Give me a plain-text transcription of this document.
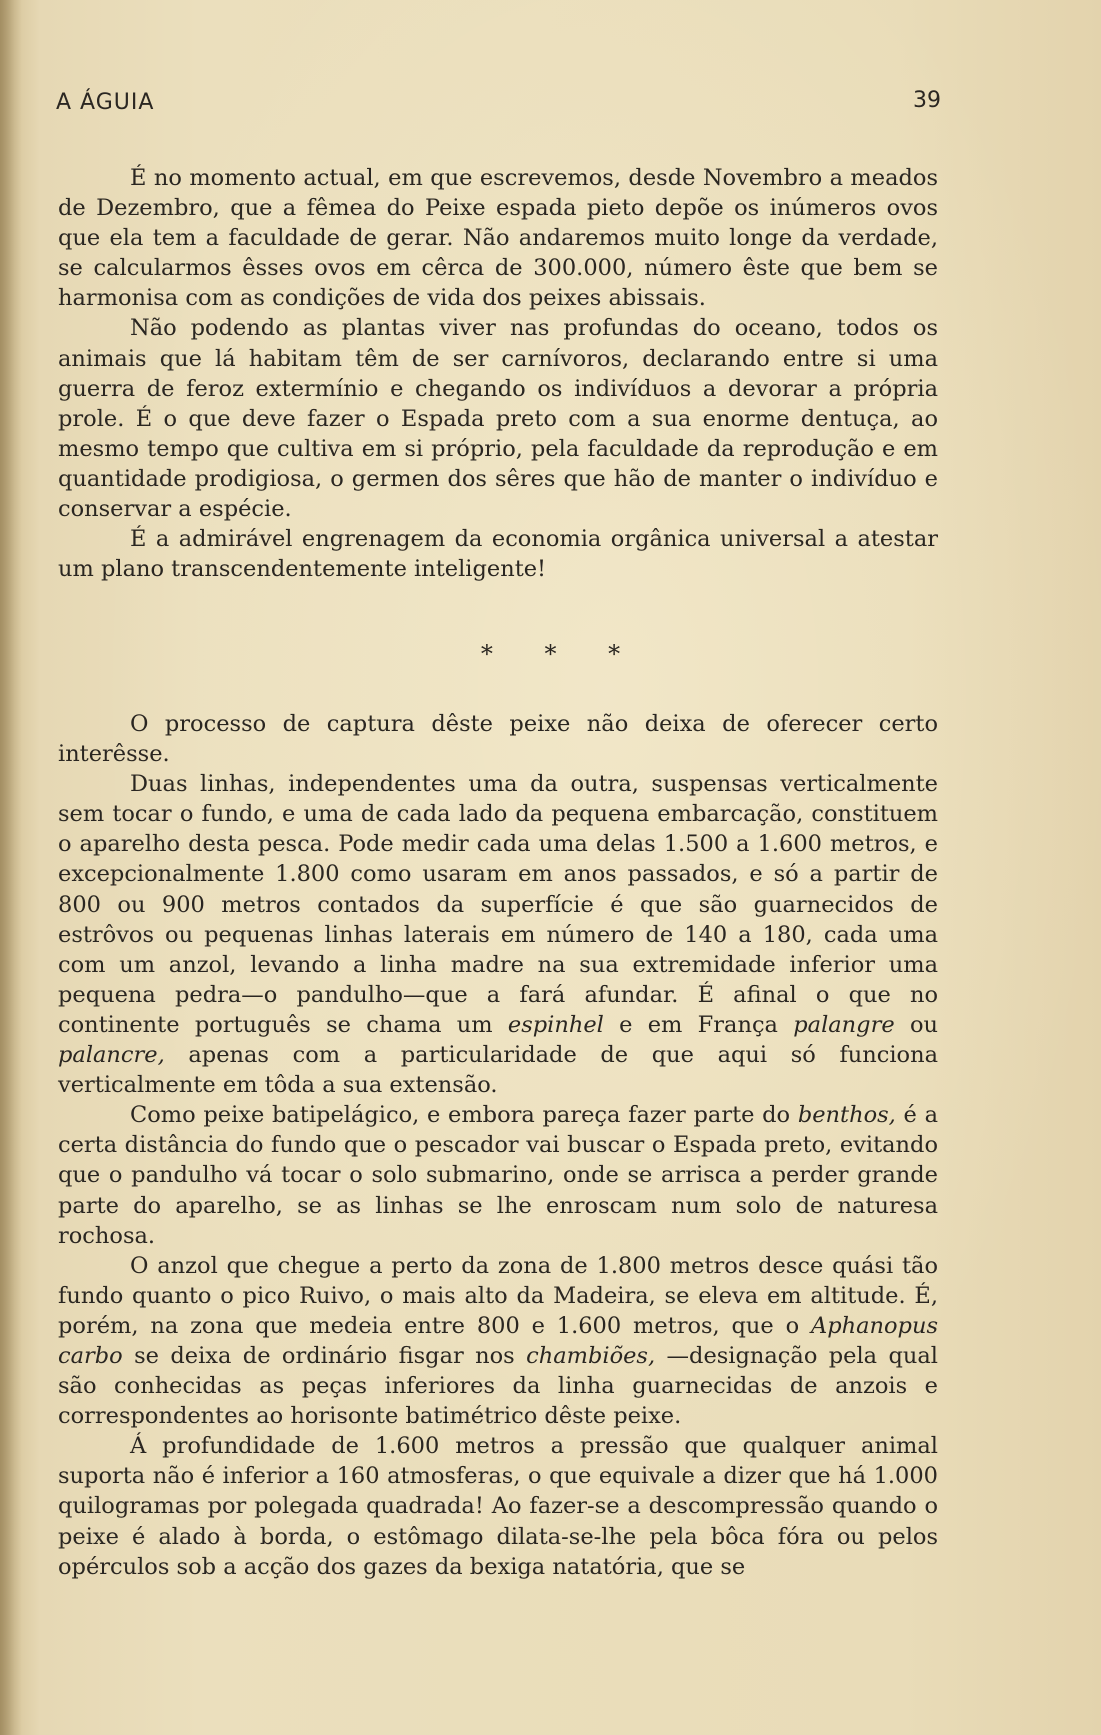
A ÁGUIA	39

É no momento actual, em que escrevemos, desde Novembro a meados de Dezembro, que a fêmea do Peixe espada pieto depõe os inúmeros ovos que ela tem a faculdade de gerar. Não andaremos muito longe da verdade, se calcularmos êsses ovos em cêrca de 300.000, número êste que bem se harmonisa com as condições de vida dos peixes abissais.

Não podendo as plantas viver nas profundas do oceano, todos os animais que lá habitam têm de ser carnívoros, declarando entre si uma guerra de feroz extermínio e chegando os indivíduos a devorar a própria prole. É o que deve fazer o Espada preto com a sua enorme dentuça, ao mesmo tempo que cultiva em si próprio, pela faculdade da reprodução e em quantidade prodigiosa, o germen dos sêres que hão de manter o indivíduo e conservar a espécie.

É a admirável engrenagem da economia orgânica universal a atestar um plano transcendentemente inteligente!

* * *

O processo de captura dêste peixe não deixa de oferecer certo interêsse.

Duas linhas, independentes uma da outra, suspensas verticalmente sem tocar o fundo, e uma de cada lado da pequena embarcação, constituem o aparelho desta pesca. Pode medir cada uma delas 1.500 a 1.600 metros, e excepcionalmente 1.800 como usaram em anos passados, e só a partir de 800 ou 900 metros contados da superfície é que são guarnecidos de estrôvos ou pequenas linhas laterais em número de 140 a 180, cada uma com um anzol, levando a linha madre na sua extremidade inferior uma pequena pedra—o pandulho—que a fará afundar. É afinal o que no continente português se chama um espinhel e em França palangre ou palancre, apenas com a particularidade de que aqui só funciona verticalmente em tôda a sua extensão.

Como peixe batipelágico, e embora pareça fazer parte do benthos, é a certa distância do fundo que o pescador vai buscar o Espada preto, evitando que o pandulho vá tocar o solo submarino, onde se arrisca a perder grande parte do aparelho, se as linhas se lhe enroscam num solo de naturesa rochosa.

O anzol que chegue a perto da zona de 1.800 metros desce quási tão fundo quanto o pico Ruivo, o mais alto da Madeira, se eleva em altitude. É, porém, na zona que medeia entre 800 e 1.600 metros, que o Aphanopus carbo se deixa de ordinário fisgar nos chambiões, —designação pela qual são conhecidas as peças inferiores da linha guarnecidas de anzois e correspondentes ao horisonte batimétrico dêste peixe.

Á profundidade de 1.600 metros a pressão que qualquer animal suporta não é inferior a 160 atmosferas, o que equivale a dizer que há 1.000 quilogramas por polegada quadrada! Ao fazer-se a descompressão quando o peixe é alado à borda, o estômago dilata-se-lhe pela bôca fóra ou pelos opérculos sob a acção dos gazes da bexiga natatória, que se
